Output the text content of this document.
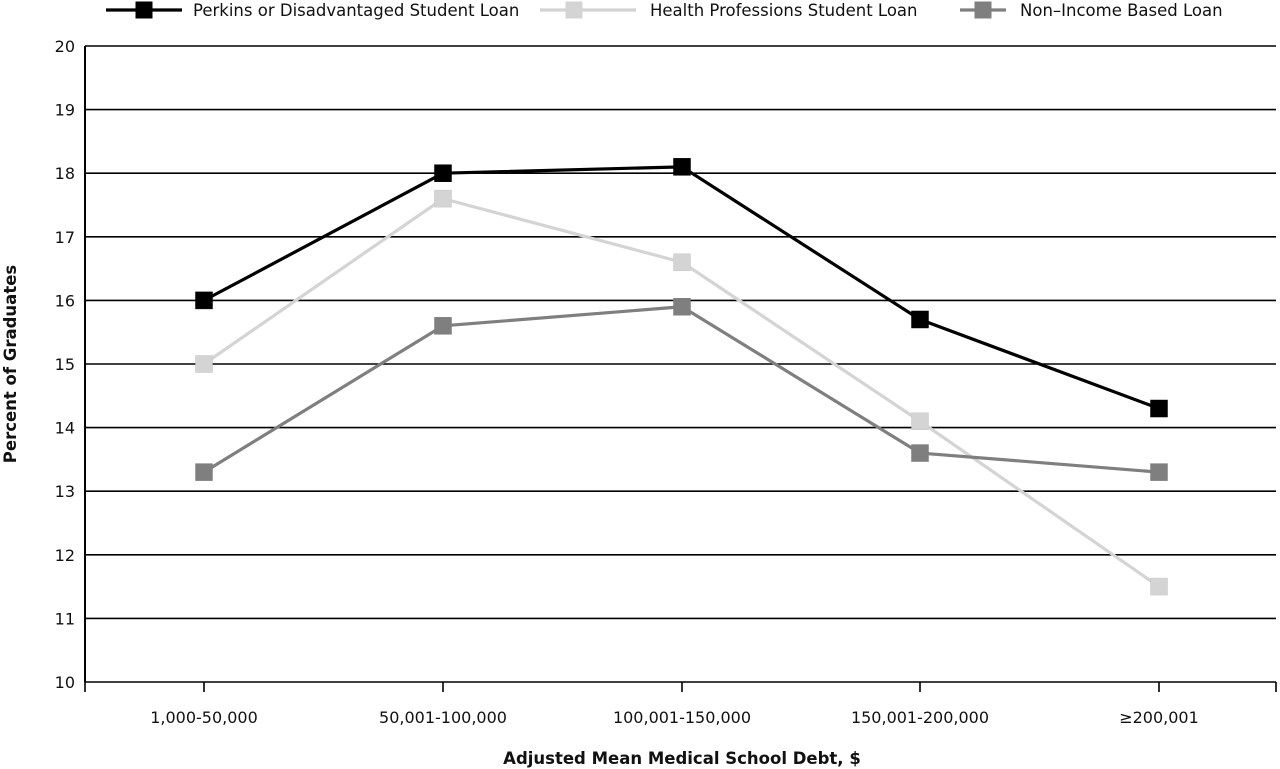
Perkins or Disadvantaged Student Loan	Health Professions Student Loan	Non–Income Based Loan
10
11
12
13
14
15
16
17
18
19
20
1,000-50,000	50,001-100,000	100,001-150,000	150,001-200,000	≥200,001
Adjusted Mean Medical School Debt, $
Percent of Graduates
